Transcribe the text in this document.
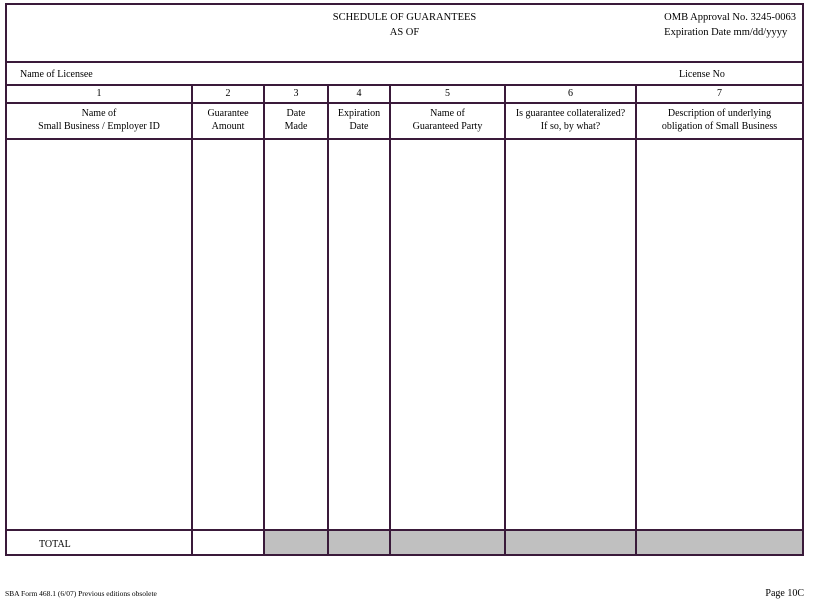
SCHEDULE OF GUARANTEES
AS OF
OMB Approval No. 3245-0063
Expiration Date mm/dd/yyyy
Name of Licensee	License No
1
Name of
Small Business / Employer ID
TOTAL
2
Guarantee
Amount
3
Date
Made
4
Expiration
Date
5
Name of
Guaranteed Party
6
Is guarantee collateralized?
If so, by what?
7
Description of underlying
obligation of Small Business
SBA Form 468.1 (6/07) Previous editions obsolete	Page 10C
